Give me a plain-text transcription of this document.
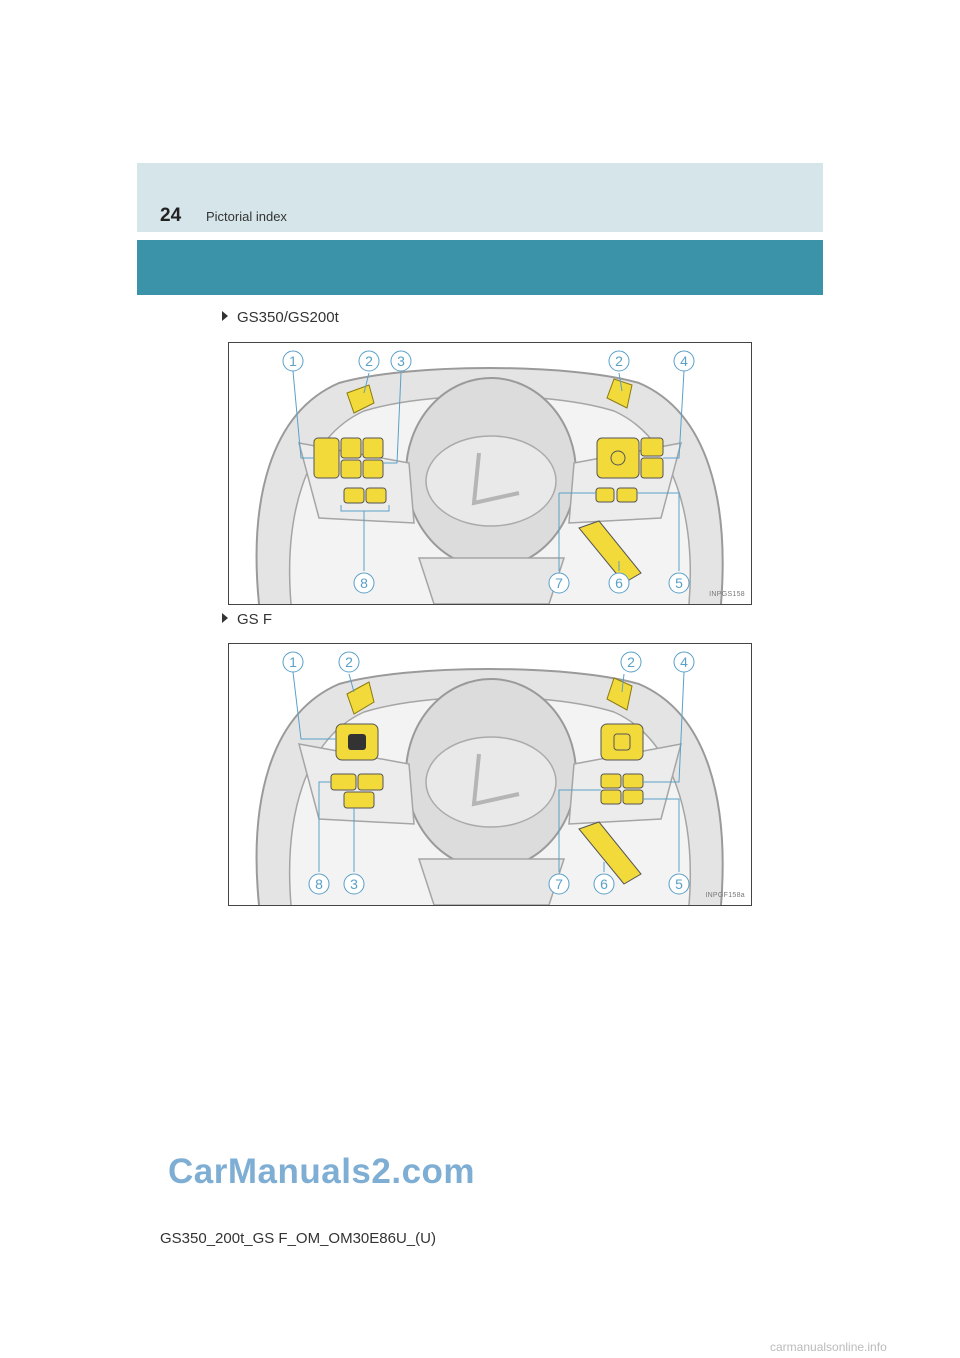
24 Pictorial index
GS350/GS200t
1	2 3	2	4
8	7	6	5
INPGS158
GS F
1	2	2	4
8 3	7	6	5
INPGF158a
CarManuals2.com
GS350_200t_GS F_OM_OM30E86U_(U)
carmanualsonline.info
